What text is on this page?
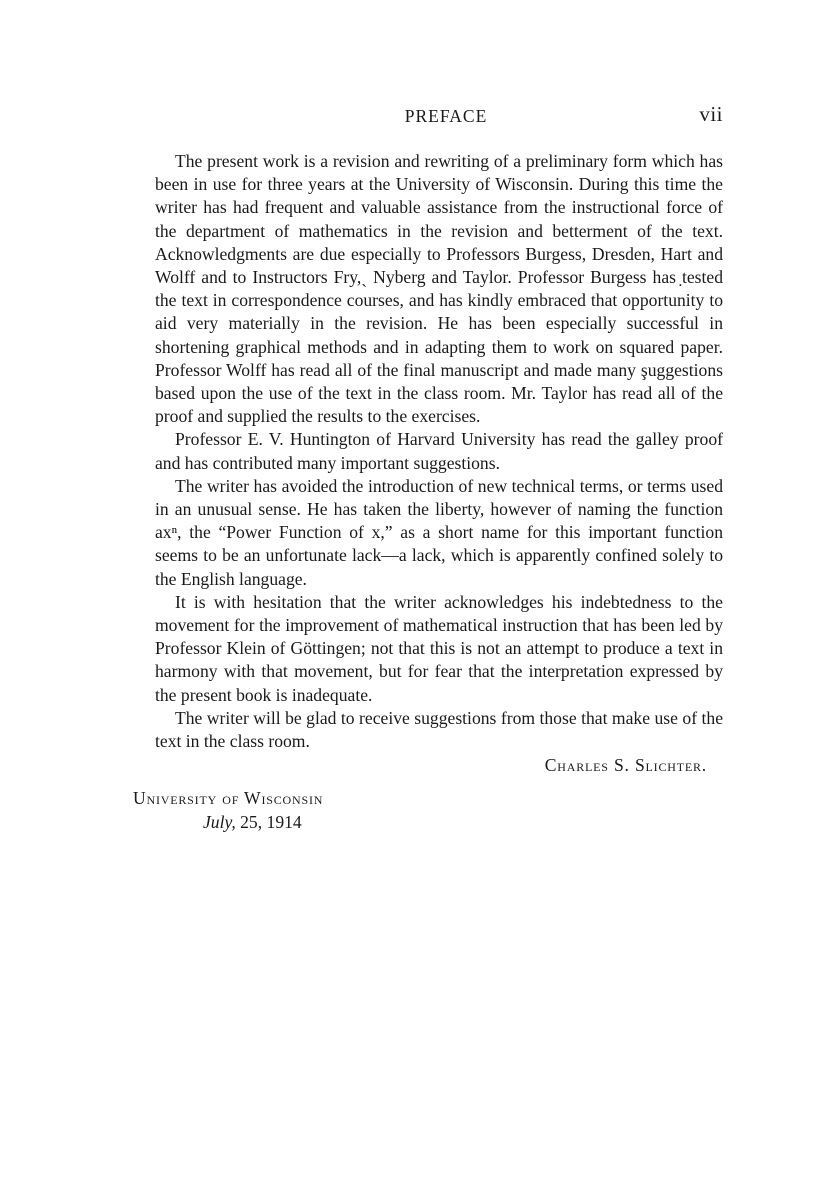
PREFACE	vii

The present work is a revision and rewriting of a preliminary form which has been in use for three years at the University of Wisconsin. During this time the writer has had frequent and valuable assistance from the instructional force of the department of mathematics in the revision and betterment of the text. Acknowledgments are due especially to Professors Burgess, Dresden, Hart and Wolff and to Instructors Fry,ˎ Nyberg and Taylor. Professor Burgess has ̣tested the text in correspondence courses, and has kindly embraced that opportunity to aid very materially in the revision. He has been especially successful in shortening graphical methods and in adapting them to work on squared paper. Professor Wolff has read all of the final manuscript and made many şuggestions based upon the use of the text in the class room. Mr. Taylor has read all of the proof and supplied the results to the exercises.

Professor E. V. Huntington of Harvard University has read the galley proof and has contributed many important suggestions.

The writer has avoided the introduction of new technical terms, or terms used in an unusual sense. He has taken the liberty, however of naming the function axⁿ, the “Power Function of x,” as a short name for this important function seems to be an unfortunate lack—a lack, which is apparently confined solely to the English language.

It is with hesitation that the writer acknowledges his indebtedness to the movement for the improvement of mathematical instruction that has been led by Professor Klein of Göttingen; not that this is not an attempt to produce a text in harmony with that movement, but for fear that the interpretation expressed by the present book is inadequate.

The writer will be glad to receive suggestions from those that make use of the text in the class room.

Charles S. Slichter.
University of Wisconsin
July, 25, 1914
